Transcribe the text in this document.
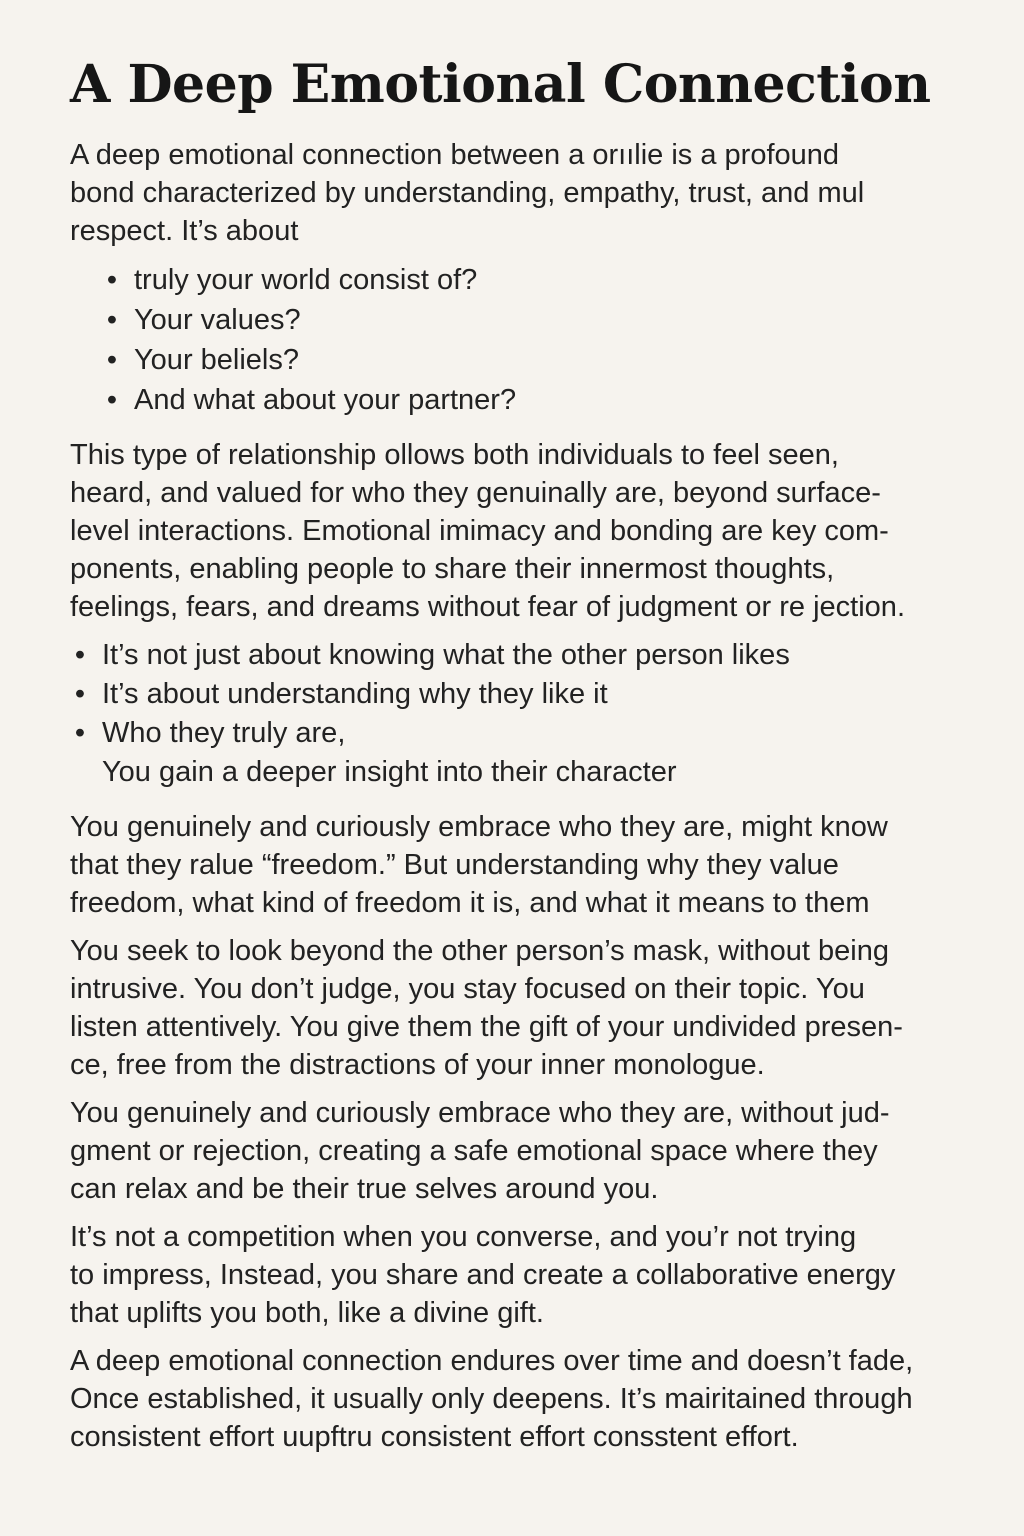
A Deep Emotional Connection

A deep emotional connection between a orıılie is a profound
bond characterized by understanding, empathy, trust, and mul
respect. It’s about

• truly your world consist of?
• Your values?
• Your beliels?
• And what about your partner?

This type of relationship ollows both individuals to feel seen,
heard, and valued for who they genuinally are, beyond surface-
level interactions. Emotional imimacy and bonding are key com-
ponents, enabling people to share their innermost thoughts,
feelings, fears, and dreams without fear of judgment or re jection.

• It’s not just about knowing what the other person likes
• It’s about understanding why they like it
• Who they truly are,
You gain a deeper insight into their character

You genuinely and curiously embrace who they are, might know
that they ralue “freedom.” But understanding why they value
freedom, what kind of freedom it is, and what it means to them

You seek to look beyond the other person’s mask, without being
intrusive. You don’t judge, you stay focused on their topic. You
listen attentively. You give them the gift of your undivided presen-
ce, free from the distractions of your inner monologue.

You genuinely and curiously embrace who they are, without jud-
gment or rejection, creating a safe emotional space where they
can relax and be their true selves around you.

It’s not a competition when you converse, and you’r not trying
to impress, Instead, you share and create a collaborative energy
that uplifts you both, like a divine gift.

A deep emotional connection endures over time and doesn’t fade,
Once established, it usually only deepens. It’s mairitained through
consistent effort uupftru consistent effort consstent effort.
